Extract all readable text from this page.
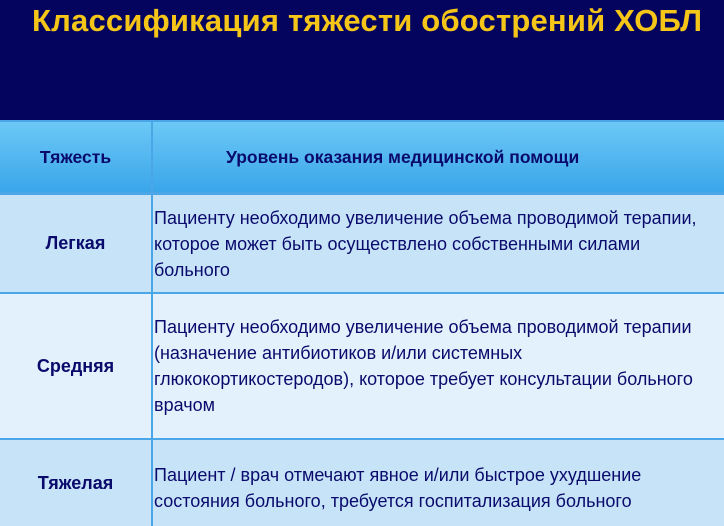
Классификация тяжести обострений ХОБЛ
Тяжесть	Уровень оказания медицинской помощи
Легкая
Пациенту необходимо увеличение объема проводимой терапии, которое может быть осуществлено собственными силами больного
Средняя
Пациенту необходимо увеличение объема проводимой терапии (назначение антибиотиков и/или системных глюкокортикостеродов), которое требует консультации больного врачом
Тяжелая	Пациент / врач отмечают явное и/или быстрое ухудшение состояния больного, требуется госпитализация больного
